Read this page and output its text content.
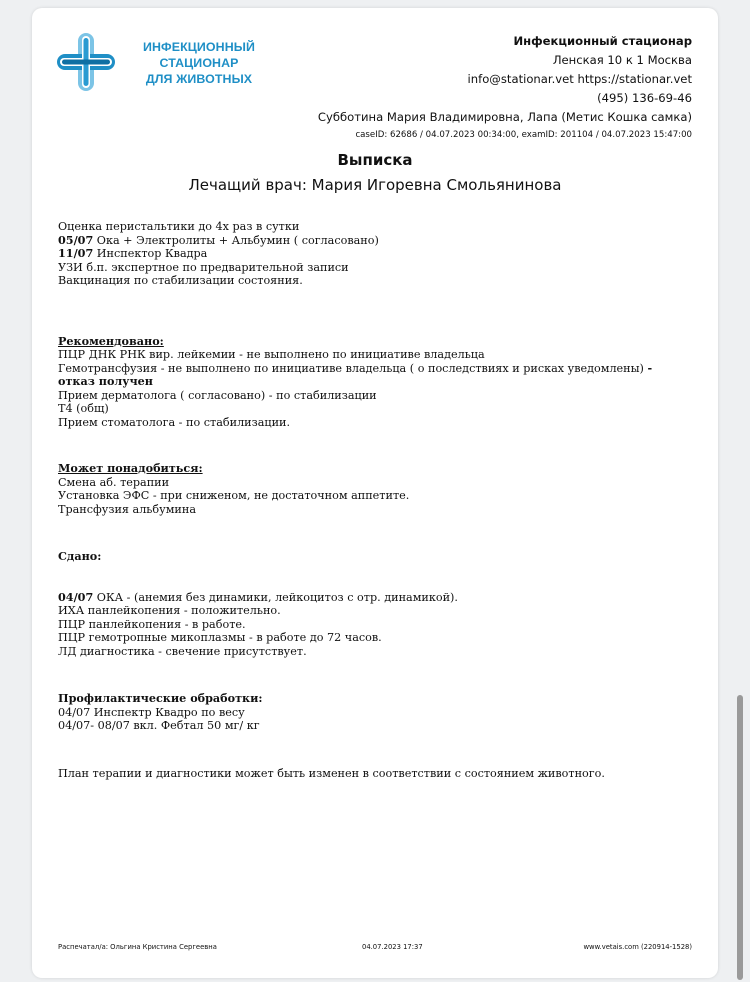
ИНФЕКЦИОННЫЙ
СТАЦИОНАР
ДЛЯ ЖИВОТНЫХ
Инфекционный стационар
Ленская 10 к 1 Москва
info@stationar.vet https://stationar.vet
(495) 136-69-46
Субботина Мария Владимировна, Лапа (Метис Кошка самка)
caseID: 62686 / 04.07.2023 00:34:00, examID: 201104 / 04.07.2023 15:47:00
Выписка
Лечащий врач: Мария Игоревна Смольянинова
Оценка перистальтики до 4х раз в сутки
05/07 Ока + Электролиты + Альбумин ( согласовано)
11/07 Инспектор Квадра
УЗИ б.п. экспертное по предварительной записи
Вакцинация по стабилизации состояния.
Рекомендовано:
ПЦР ДНК РНК вир. лейкемии - не выполнено по инициативе владельца
Гемотрансфузия - не выполнено по инициативе владельца ( о последствиях и рисках уведомлены) -
отказ получен
Прием дерматолога ( согласовано) - по стабилизации
Т4 (общ)
Прием стоматолога - по стабилизации.
Может понадобиться:
Смена аб. терапии
Установка ЭФС - при сниженом, не достаточном аппетите.
Трансфузия альбумина
Сдано:
04/07 ОКА - (анемия без динамики, лейкоцитоз с отр. динамикой).
ИХА панлейкопения - положительно.
ПЦР панлейкопения - в работе.
ПЦР гемотропные микоплазмы - в работе до 72 часов.
ЛД диагностика - свечение присутствует.
Профилактические обработки:
04/07 Инспектр Квадро по весу
04/07- 08/07 вкл. Фебтал 50 мг/ кг
План терапии и диагностики может быть изменен в соответствии с состоянием животного.
Распечатал/а: Ольгина Кристина Сергеевна	04.07.2023 17:37	www.vetais.com (220914-1528)
